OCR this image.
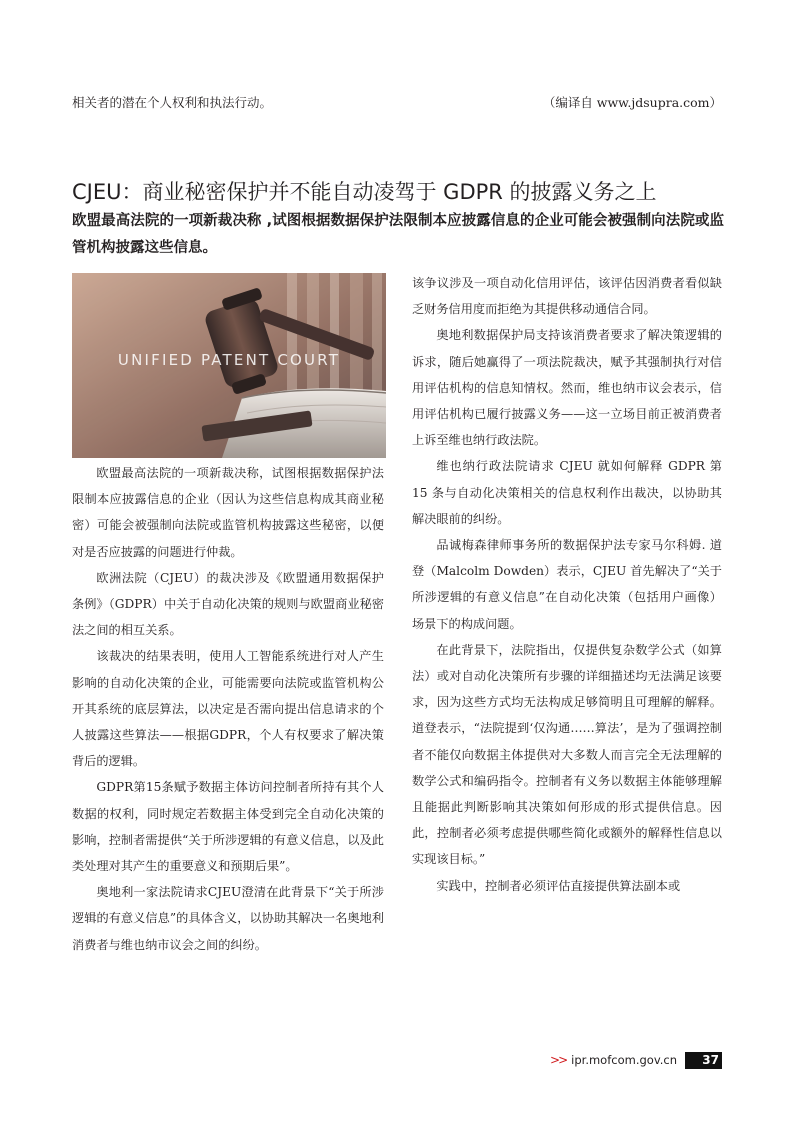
相关者的潜在个人权利和执法行动。	（编译自 www.jdsupra.com）
CJEU：商业秘密保护并不能自动凌驾于 GDPR 的披露义务之上
欧盟最高法院的一项新裁决称 ,试图根据数据保护法限制本应披露信息的企业可能会被强制向法院或监管机构披露这些信息。
UNIFIED PATENT COURT

欧盟最高法院的一项新裁决称，试图根据数据保护法限制本应披露信息的企业（因认为这些信息构成其商业秘密）可能会被强制向法院或监管机构披露这些秘密，以便对是否应披露的问题进行仲裁。

欧洲法院（CJEU）的裁决涉及《欧盟通用数据保护条例》（GDPR）中关于自动化决策的规则与欧盟商业秘密法之间的相互关系。

该裁决的结果表明，使用人工智能系统进行对人产生影响的自动化决策的企业，可能需要向法院或监管机构公开其系统的底层算法，以决定是否需向提出信息请求的个人披露这些算法——根据GDPR，个人有权要求了解决策背后的逻辑。

GDPR第15条赋予数据主体访问控制者所持有其个人数据的权利，同时规定若数据主体受到完全自动化决策的影响，控制者需提供“关于所涉逻辑的有意义信息，以及此类处理对其产生的重要意义和预期后果”。

奥地利一家法院请求CJEU澄清在此背景下“关于所涉逻辑的有意义信息”的具体含义，以协助其解决一名奥地利消费者与维也纳市议会之间的纠纷。

该争议涉及一项自动化信用评估，该评估因消费者看似缺乏财务信用度而拒绝为其提供移动通信合同。

奥地利数据保护局支持该消费者要求了解决策逻辑的诉求，随后她赢得了一项法院裁决，赋予其强制执行对信用评估机构的信息知情权。然而，维也纳市议会表示，信用评估机构已履行披露义务——这一立场目前正被消费者上诉至维也纳行政法院。

维也纳行政法院请求 CJEU 就如何解释 GDPR 第 15 条与自动化决策相关的信息权利作出裁决，以协助其解决眼前的纠纷。

品诚梅森律师事务所的数据保护法专家马尔科姆. 道登（Malcolm Dowden）表示，CJEU 首先解决了“关于所涉逻辑的有意义信息”在自动化决策（包括用户画像）场景下的构成问题。

在此背景下，法院指出，仅提供复杂数学公式（如算法）或对自动化决策所有步骤的详细描述均无法满足该要求，因为这些方式均无法构成足够简明且可理解的解释。道登表示，“法院提到‘仅沟通……算法’，是为了强调控制者不能仅向数据主体提供对大多数人而言完全无法理解的数学公式和编码指令。控制者有义务以数据主体能够理解且能据此判断影响其决策如何形成的形式提供信息。因此，控制者必须考虑提供哪些简化或额外的解释性信息以实现该目标。”

实践中，控制者必须评估直接提供算法副本或

>> ipr.mofcom.gov.cn	37
